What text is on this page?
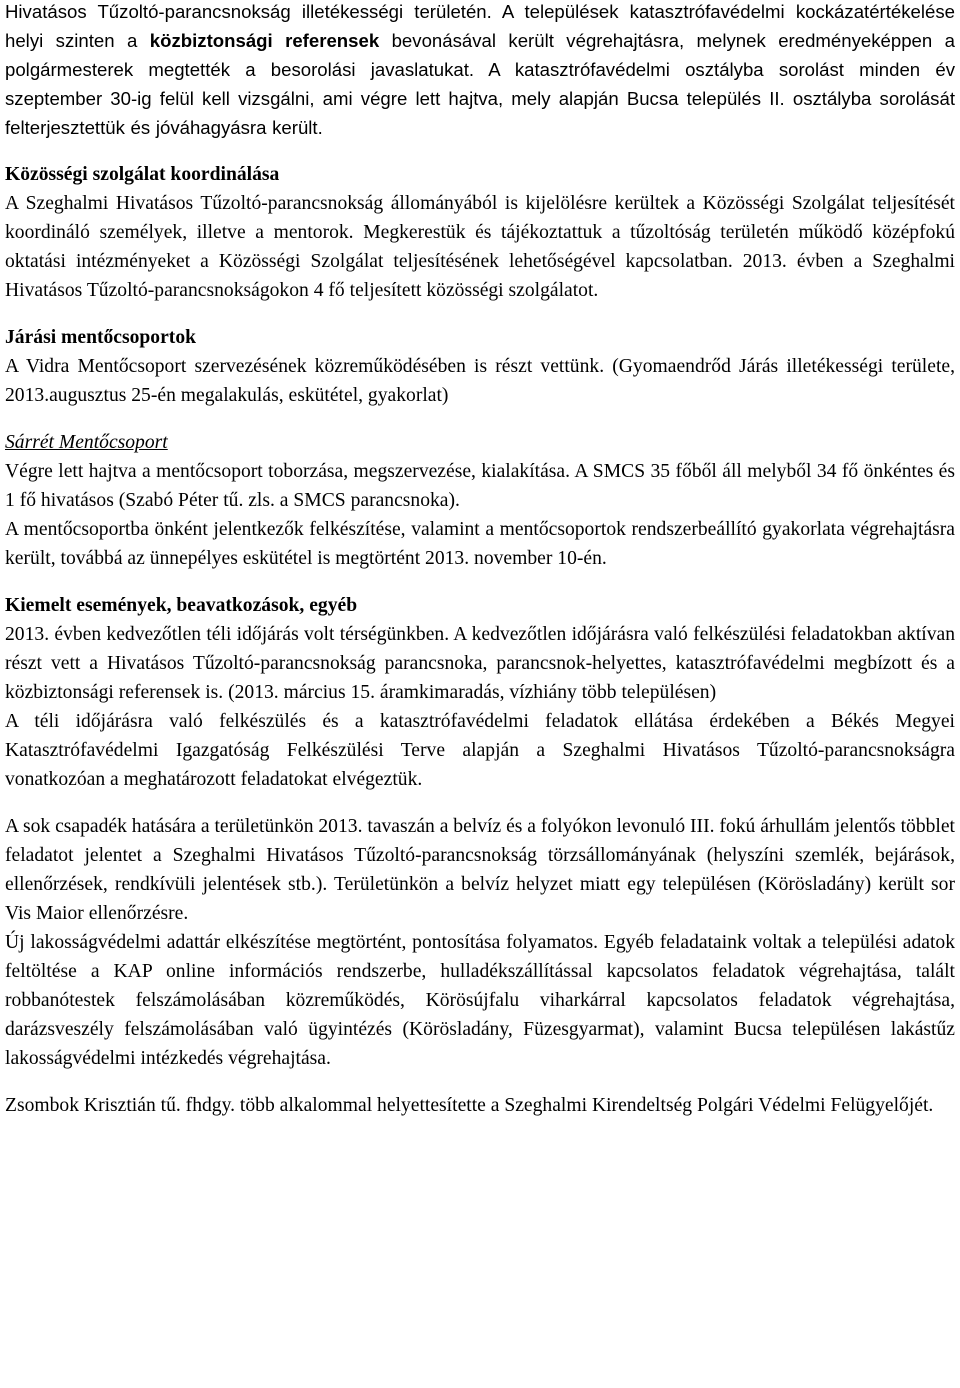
Hivatásos Tűzoltó-parancsnokság illetékességi területén. A települések katasztrófavédelmi kockázatértékelése helyi szinten a közbiztonsági referensek bevonásával került végrehajtásra, melynek eredményeképpen a polgármesterek megtették a besorolási javaslatukat. A katasztrófavédelmi osztályba sorolást minden év szeptember 30-ig felül kell vizsgálni, ami végre lett hajtva, mely alapján Bucsa település II. osztályba sorolását felterjesztettük és jóváhagyásra került.

Közösségi szolgálat koordinálása

A Szeghalmi Hivatásos Tűzoltó-parancsnokság állományából is kijelölésre kerültek a Közösségi Szolgálat teljesítését koordináló személyek, illetve a mentorok. Megkerestük és tájékoztattuk a tűzoltóság területén működő középfokú oktatási intézményeket a Közösségi Szolgálat teljesítésének lehetőségével kapcsolatban. 2013. évben a Szeghalmi Hivatásos Tűzoltó-parancsnokságokon 4 fő teljesített közösségi szolgálatot.

Járási mentőcsoportok

A Vidra Mentőcsoport szervezésének közreműködésében is részt vettünk. (Gyomaendrőd Járás illetékességi területe, 2013.augusztus 25-én megalakulás, eskütétel, gyakorlat)

Sárrét Mentőcsoport

Végre lett hajtva a mentőcsoport toborzása, megszervezése, kialakítása. A SMCS 35 főből áll melyből 34 fő önkéntes és 1 fő hivatásos (Szabó Péter tű. zls. a SMCS parancsnoka).

A mentőcsoportba önként jelentkezők felkészítése, valamint a mentőcsoportok rendszerbeállító gyakorlata végrehajtásra került, továbbá az ünnepélyes eskütétel is megtörtént 2013. november 10-én.

Kiemelt események, beavatkozások, egyéb

2013. évben kedvezőtlen téli időjárás volt térségünkben. A kedvezőtlen időjárásra való felkészülési feladatokban aktívan részt vett a Hivatásos Tűzoltó-parancsnokság parancsnoka, parancsnok-helyettes, katasztrófavédelmi megbízott és a közbiztonsági referensek is. (2013. március 15. áramkimaradás, vízhiány több településen)

A téli időjárásra való felkészülés és a katasztrófavédelmi feladatok ellátása érdekében a Békés Megyei Katasztrófavédelmi Igazgatóság Felkészülési Terve alapján a Szeghalmi Hivatásos Tűzoltó-parancsnokságra vonatkozóan a meghatározott feladatokat elvégeztük.

A sok csapadék hatására a területünkön 2013. tavaszán a belvíz és a folyókon levonuló III. fokú árhullám jelentős többlet feladatot jelentet a Szeghalmi Hivatásos Tűzoltó-parancsnokság törzsállományának (helyszíni szemlék, bejárások, ellenőrzések, rendkívüli jelentések stb.). Területünkön a belvíz helyzet miatt egy településen (Körösladány) került sor Vis Maior ellenőrzésre.

Új lakosságvédelmi adattár elkészítése megtörtént, pontosítása folyamatos. Egyéb feladataink voltak a települési adatok feltöltése a KAP online információs rendszerbe, hulladékszállítással kapcsolatos feladatok végrehajtása, talált robbanótestek felszámolásában közreműködés, Körösújfalu viharkárral kapcsolatos feladatok végrehajtása, darázsveszély felszámolásában való ügyintézés (Körösladány, Füzesgyarmat), valamint Bucsa településen lakástűz lakosságvédelmi intézkedés végrehajtása.

Zsombok Krisztián tű. fhdgy. több alkalommal helyettesítette a Szeghalmi Kirendeltség Polgári Védelmi Felügyelőjét.
